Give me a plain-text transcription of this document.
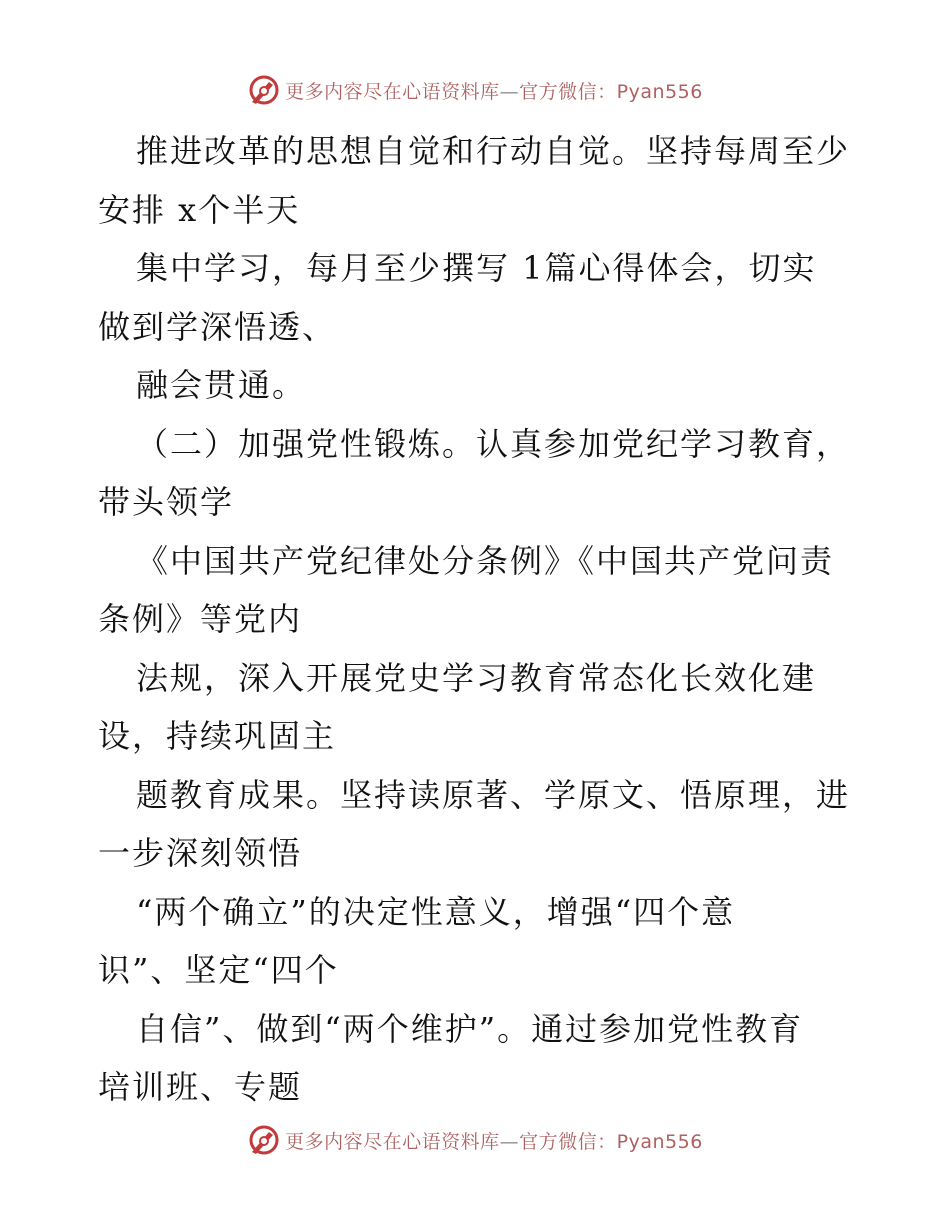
更多内容尽在心语资料库—官方微信：Pyan556
推进改革的思想自觉和行动自觉。坚持每周至少
安排 x个半天
集中学习，每月至少撰写 1篇心得体会，切实
做到学深悟透、
融会贯通。
（二）加强党性锻炼。认真参加党纪学习教育，
带头领学
《中国共产党纪律处分条例》《中国共产党问责
条例》等党内
法规，深入开展党史学习教育常态化长效化建
设，持续巩固主
题教育成果。坚持读原著、学原文、悟原理，进
一步深刻领悟
“两个确立”的决定性意义，增强“四个意
识”、坚定“四个
自信”、做到“两个维护”。通过参加党性教育
培训班、专题
更多内容尽在心语资料库—官方微信：Pyan556
